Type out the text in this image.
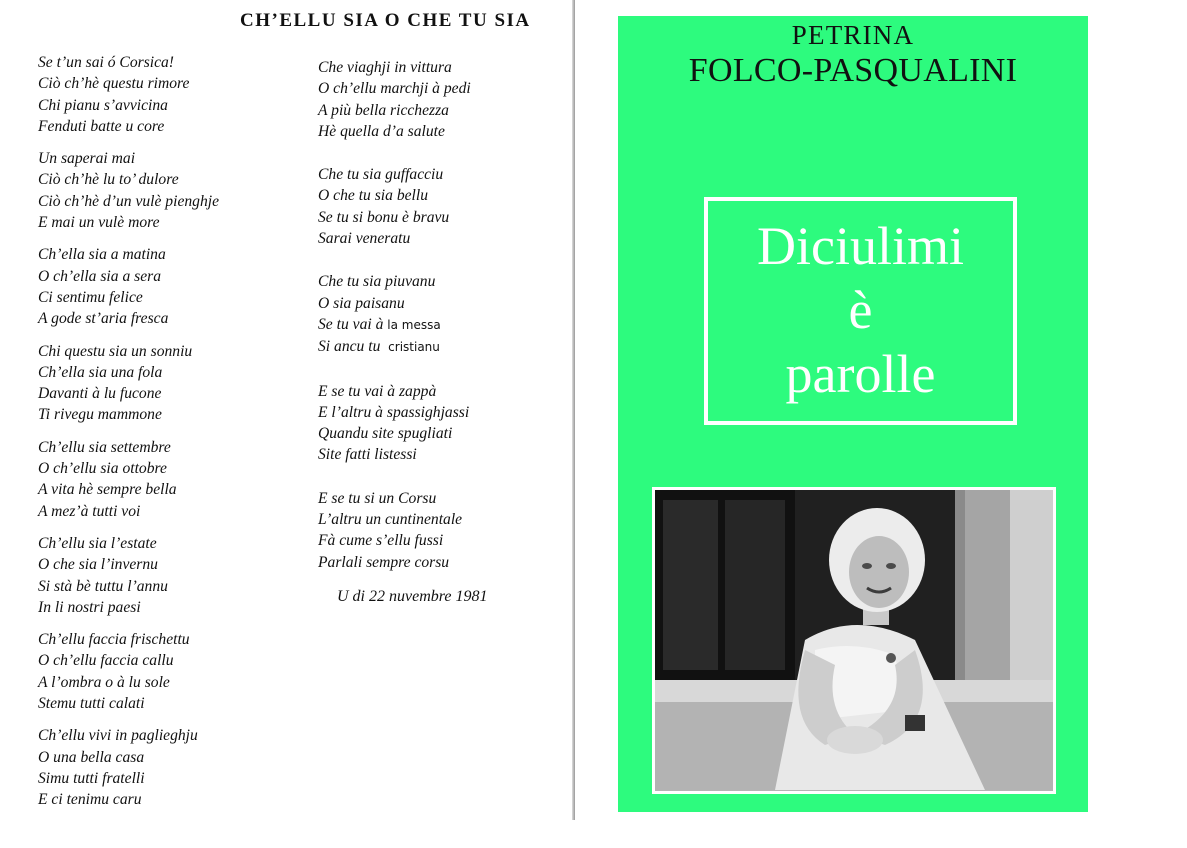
CH’ELLU SIA O CHE TU SIA
Se t’un sai ó Corsica!
Ciò ch’hè questu rimore
Chi pianu s’avvicina
Fenduti batte u core
Un saperai mai
Ciò ch’hè lu to’ dulore
Ciò ch’hè d’un vulè pienghje
E mai un vulè more
Ch’ella sia a matina
O ch’ella sia a sera
Ci sentimu felice
A gode st’aria fresca
Chi questu sia un sonniu
Ch’ella sia una fola
Davanti à lu fucone
Ti rivegu mammone
Ch’ellu sia settembre
O ch’ellu sia ottobre
A vita hè sempre bella
A mez’à tutti voi
Ch’ellu sia l’estate
O che sia l’invernu
Si stà bè tuttu l’annu
In li nostri paesi
Ch’ellu faccia frischettu
O ch’ellu faccia callu
A l’ombra o à lu sole
Stemu tutti calati
Ch’ellu vivi in paglieghju
O una bella casa
Simu tutti fratelli
E ci tenimu caru
Che viaghji in vittura
O ch’ellu marchji à pedi
A più bella ricchezza
Hè quella d’a salute
Che tu sia guffacciu
O che tu sia bellu
Se tu si bonu è bravu
Sarai veneratu
Che tu sia piuvanu
O sia paisanu
Se tu vai à la messa
Si ancu tu cristianu
E se tu vai à zappà
E l’altru à spassighjassi
Quandu site spugliati
Site fatti listessi
E se tu si un Corsu
L’altru un cuntinentale
Fà cume s’ellu fussi
Parlali sempre corsu
U di 22 nuvembre 1981
PETRINA
FOLCO-PASQUALINI
Diciulimi
è
parolle
